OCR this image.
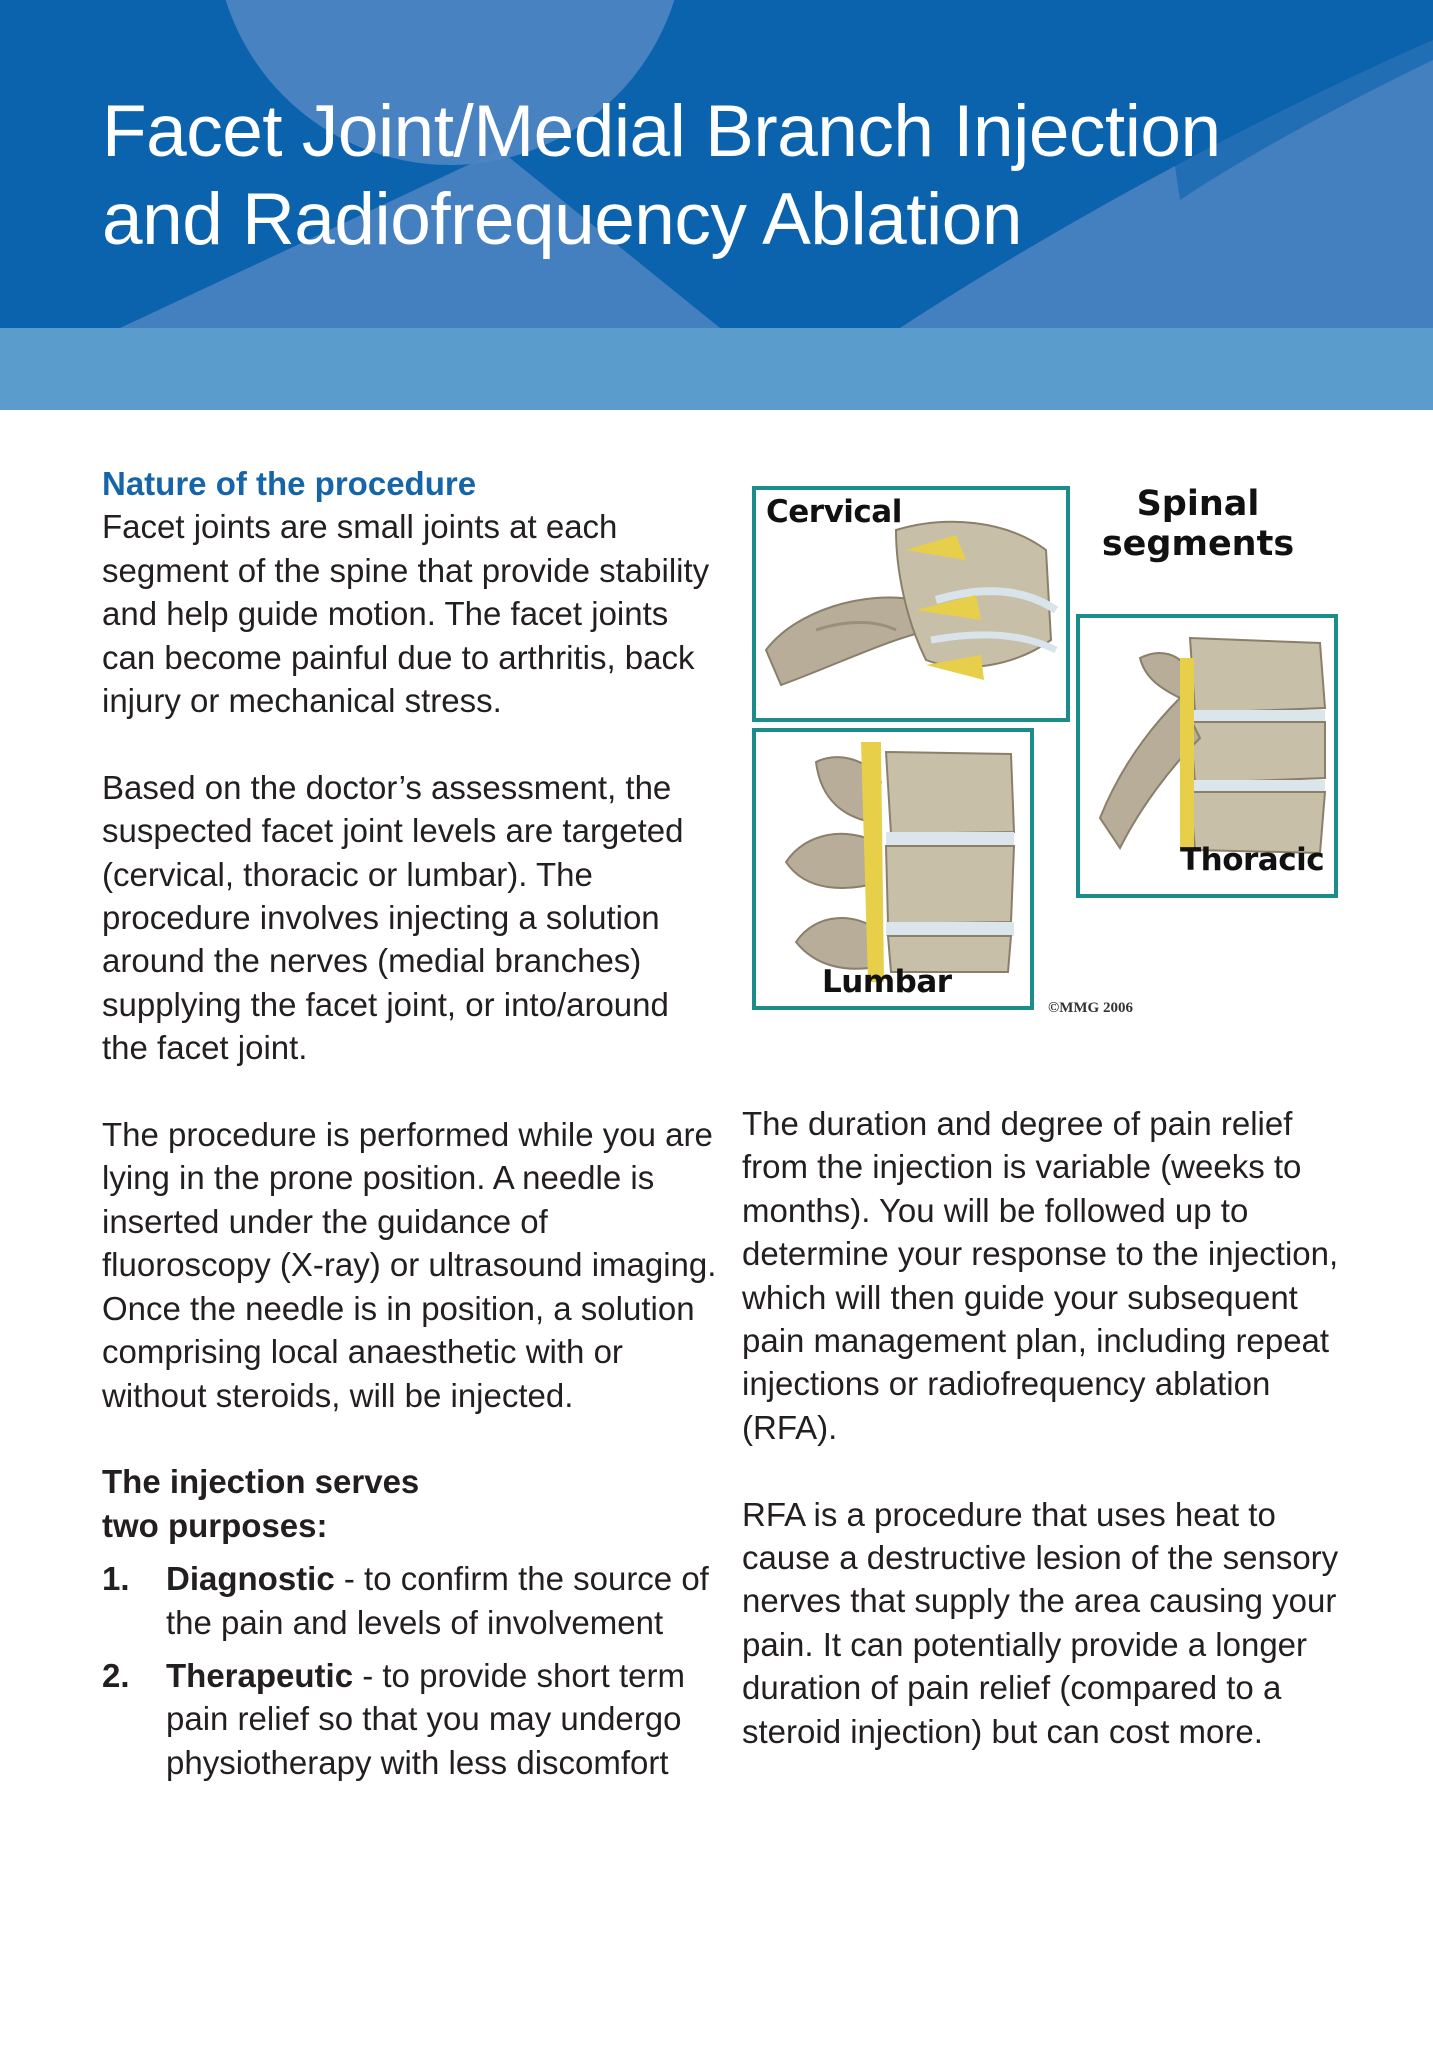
Facet Joint/Medial Branch Injection
and Radiofrequency Ablation
Nature of the procedure

Facet joints are small joints at each segment of the spine that provide stability and help guide motion. The facet joints can become painful due to arthritis, back injury or mechanical stress.

Based on the doctor’s assessment, the suspected facet joint levels are targeted (cervical, thoracic or lumbar). The procedure involves injecting a solution around the nerves (medial branches) supplying the facet joint, or into/around the facet joint.

The procedure is performed while you are lying in the prone position. A needle is inserted under the guidance of fluoroscopy (X-ray) or ultrasound imaging. Once the needle is in position, a solution comprising local anaesthetic with or without steroids, will be injected.

The injection serves
two purposes:
1. Diagnostic - to confirm the source of the pain and levels of involvement
2. Therapeutic - to provide short term pain relief so that you may undergo physiotherapy with less discomfort
Spinal
segments
Cervical
Thoracic
Lumbar
©MMG 2006

The duration and degree of pain relief from the injection is variable (weeks to months). You will be followed up to determine your response to the injection, which will then guide your subsequent pain management plan, including repeat injections or radiofrequency ablation (RFA).

RFA is a procedure that uses heat to cause a destructive lesion of the sensory nerves that supply the area causing your pain. It can potentially provide a longer duration of pain relief (compared to a steroid injection) but can cost more.
